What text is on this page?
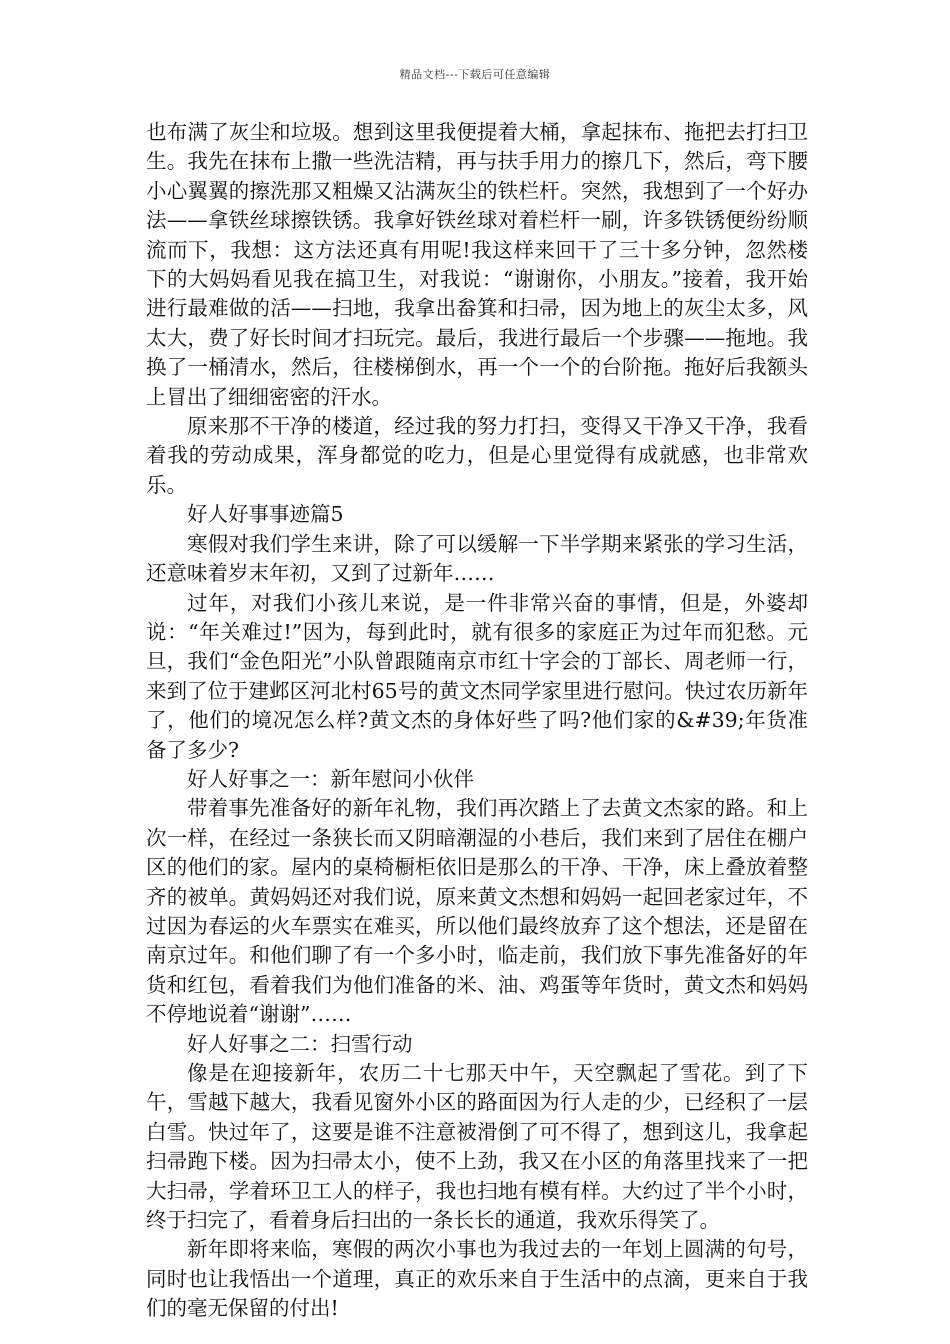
精品文档---下载后可任意编辑

也布满了灰尘和垃圾。想到这里我便提着大桶，拿起抹布、拖把去打扫卫生。我先在抹布上撒一些洗洁精，再与扶手用力的擦几下，然后，弯下腰小心翼翼的擦洗那又粗燥又沾满灰尘的铁栏杆。突然，我想到了一个好办法——拿铁丝球擦铁锈。我拿好铁丝球对着栏杆一刷，许多铁锈便纷纷顺流而下，我想：这方法还真有用呢!我这样来回干了三十多分钟，忽然楼下的大妈妈看见我在搞卫生，对我说：“谢谢你，小朋友。”接着，我开始进行最难做的活——扫地，我拿出畚箕和扫帚，因为地上的灰尘太多，风太大，费了好长时间才扫玩完。最后，我进行最后一个步骤——拖地。我换了一桶清水，然后，往楼梯倒水，再一个一个的台阶拖。拖好后我额头上冒出了细细密密的汗水。

原来那不干净的楼道，经过我的努力打扫，变得又干净又干净，我看着我的劳动成果，浑身都觉的吃力，但是心里觉得有成就感，也非常欢乐。

好人好事事迹篇5

寒假对我们学生来讲，除了可以缓解一下半学期来紧张的学习生活，还意味着岁末年初，又到了过新年……

过年，对我们小孩儿来说，是一件非常兴奋的事情，但是，外婆却说：“年关难过!”因为，每到此时，就有很多的家庭正为过年而犯愁。元旦，我们“金色阳光”小队曾跟随南京市红十字会的丁部长、周老师一行，来到了位于建邺区河北村65号的黄文杰同学家里进行慰问。快过农历新年了，他们的境况怎么样?黄文杰的身体好些了吗?他们家的&#39;年货准备了多少?

好人好事之一：新年慰问小伙伴

带着事先准备好的新年礼物，我们再次踏上了去黄文杰家的路。和上次一样，在经过一条狭长而又阴暗潮湿的小巷后，我们来到了居住在棚户区的他们的家。屋内的桌椅橱柜依旧是那么的干净、干净，床上叠放着整齐的被单。黄妈妈还对我们说，原来黄文杰想和妈妈一起回老家过年，不过因为春运的火车票实在难买，所以他们最终放弃了这个想法，还是留在南京过年。和他们聊了有一个多小时，临走前，我们放下事先准备好的年货和红包，看着我们为他们准备的米、油、鸡蛋等年货时，黄文杰和妈妈不停地说着“谢谢”……

好人好事之二：扫雪行动

像是在迎接新年，农历二十七那天中午，天空飘起了雪花。到了下午，雪越下越大，我看见窗外小区的路面因为行人走的少，已经积了一层白雪。快过年了，这要是谁不注意被滑倒了可不得了，想到这儿，我拿起扫帚跑下楼。因为扫帚太小，使不上劲，我又在小区的角落里找来了一把大扫帚，学着环卫工人的样子，我也扫地有模有样。大约过了半个小时，终于扫完了，看着身后扫出的一条长长的通道，我欢乐得笑了。

新年即将来临，寒假的两次小事也为我过去的一年划上圆满的句号，同时也让我悟出一个道理，真正的欢乐来自于生活中的点滴，更来自于我们的毫无保留的付出!
